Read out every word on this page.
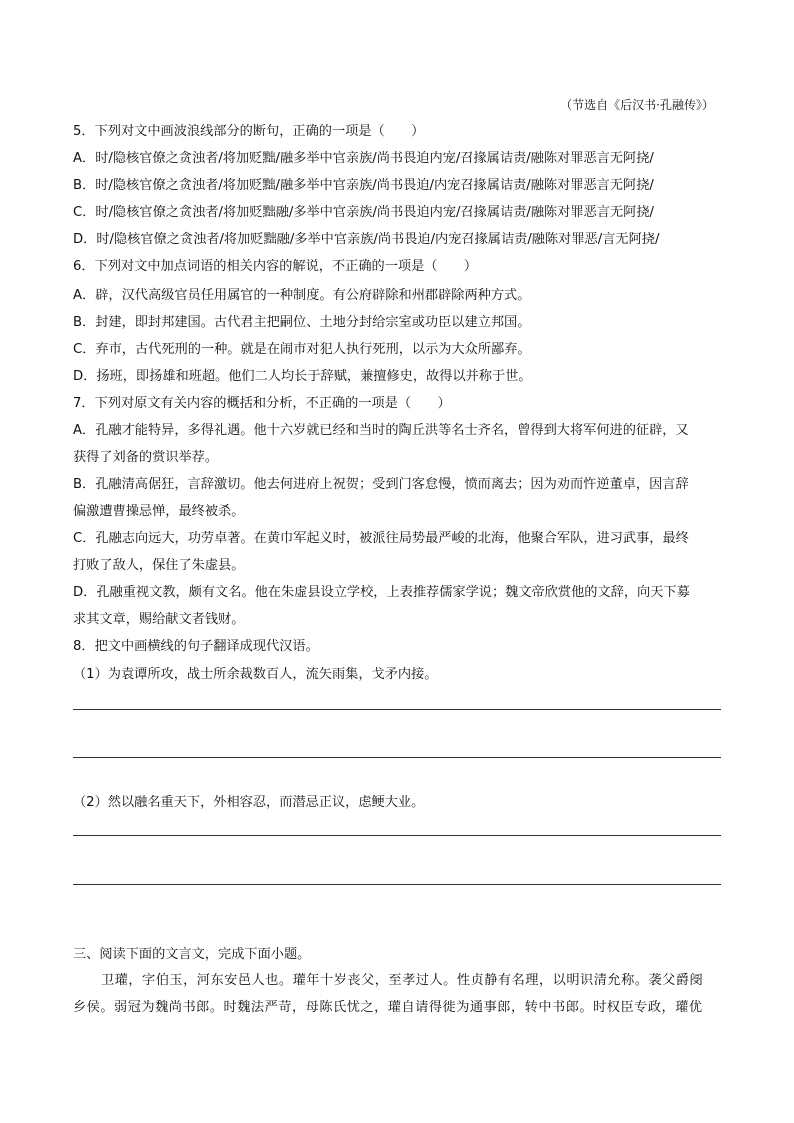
（节选自《后汉书·孔融传》）
5．下列对文中画波浪线部分的断句，正确的一项是（　　）
A．时/隐核官僚之贪浊者/将加贬黜/融多举中官亲族/尚书畏迫内宠/召掾属诘责/融陈对罪恶言无阿挠/
B．时/隐核官僚之贪浊者/将加贬黜/融多举中官亲族/尚书畏迫/内宠召掾属诘责/融陈对罪恶言无阿挠/
C．时/隐核官僚之贪浊者/将加贬黜融/多举中官亲族/尚书畏迫内宠/召掾属诘责/融陈对罪恶言无阿挠/
D．时/隐核官僚之贪浊者/将加贬黜融/多举中官亲族/尚书畏迫/内宠召掾属诘责/融陈对罪恶/言无阿挠/
6．下列对文中加点词语的相关内容的解说，不正确的一项是（　　）
A．辟，汉代高级官员任用属官的一种制度。有公府辟除和州郡辟除两种方式。
B．封建，即封邦建国。古代君主把嗣位、土地分封给宗室或功臣以建立邦国。
C．弃市，古代死刑的一种。就是在闹市对犯人执行死刑，以示为大众所鄙弃。
D．扬班，即扬雄和班超。他们二人均长于辞赋，兼擅修史，故得以并称于世。
7．下列对原文有关内容的概括和分析，不正确的一项是（　　）
A．孔融才能特异，多得礼遇。他十六岁就已经和当时的陶丘洪等名士齐名，曾得到大将军何进的征辟，又
获得了刘备的赏识举荐。
B．孔融清高倨狂，言辞激切。他去何进府上祝贺；受到门客怠慢，愤而离去；因为劝而忤逆董卓，因言辞
偏激遭曹操忌惮，最终被杀。
C．孔融志向远大，功劳卓著。在黄巾军起义时，被派往局势最严峻的北海，他聚合军队，进习武事，最终
打败了敌人，保住了朱虚县。
D．孔融重视文教，颇有文名。他在朱虚县设立学校，上表推荐儒家学说；魏文帝欣赏他的文辞，向天下募
求其文章，赐给献文者钱财。
8．把文中画横线的句子翻译成现代汉语。
（1）为袁谭所攻，战士所余裁数百人，流矢雨集，戈矛内接。
（2）然以融名重天下，外相容忍，而潜忌正议，虑鲠大业。
三、阅读下面的文言文，完成下面小题。
卫瓘，字伯玉，河东安邑人也。瓘年十岁丧父，至孝过人。性贞静有名理，以明识清允称。袭父爵阌
乡侯。弱冠为魏尚书郎。时魏法严苛，母陈氏忧之，瓘自请得徙为通事郎，转中书郎。时权臣专政，瓘优
